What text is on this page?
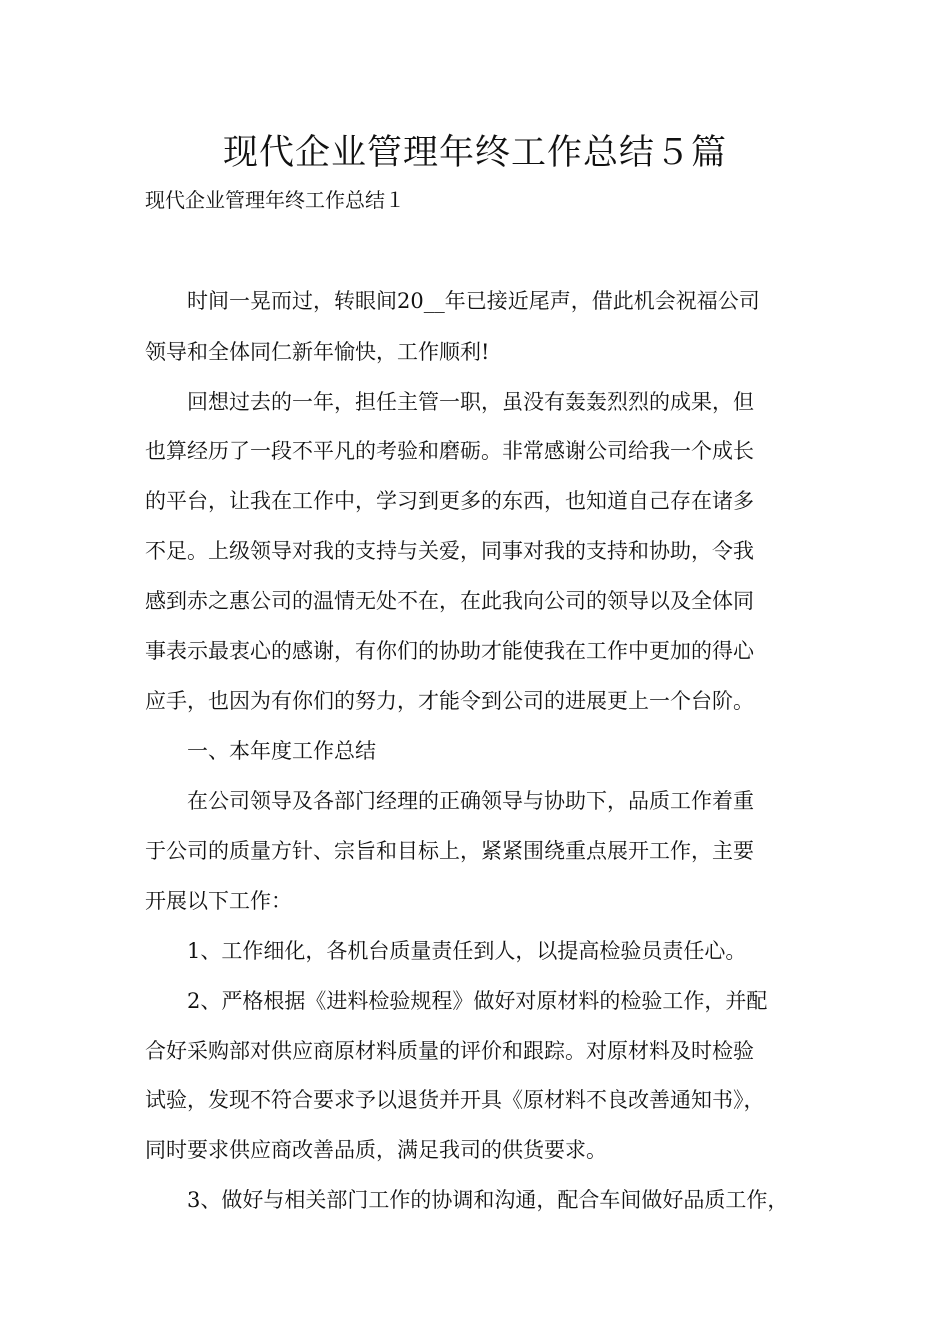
现代企业管理年终工作总结５篇

现代企业管理年终工作总结１

　　时间一晃而过，转眼间20__年已接近尾声，借此机会祝福公司

领导和全体同仁新年愉快，工作顺利!

　　回想过去的一年，担任主管一职，虽没有轰轰烈烈的成果，但

也算经历了一段不平凡的考验和磨砺。非常感谢公司给我一个成长

的平台，让我在工作中，学习到更多的东西，也知道自己存在诸多

不足。上级领导对我的支持与关爱，同事对我的支持和协助，令我

感到赤之惠公司的温情无处不在，在此我向公司的领导以及全体同

事表示最衷心的感谢，有你们的协助才能使我在工作中更加的得心

应手，也因为有你们的努力，才能令到公司的进展更上一个台阶。

　　一、本年度工作总结

　　在公司领导及各部门经理的正确领导与协助下，品质工作着重

于公司的质量方针、宗旨和目标上，紧紧围绕重点展开工作，主要

开展以下工作：

　　1、工作细化，各机台质量责任到人，以提高检验员责任心。

　　2、严格根据《进料检验规程》做好对原材料的检验工作，并配

合好采购部对供应商原材料质量的评价和跟踪。对原材料及时检验

试验，发现不符合要求予以退货并开具《原材料不良改善通知书》，

同时要求供应商改善品质，满足我司的供货要求。

　　3、做好与相关部门工作的协调和沟通，配合车间做好品质工作，
